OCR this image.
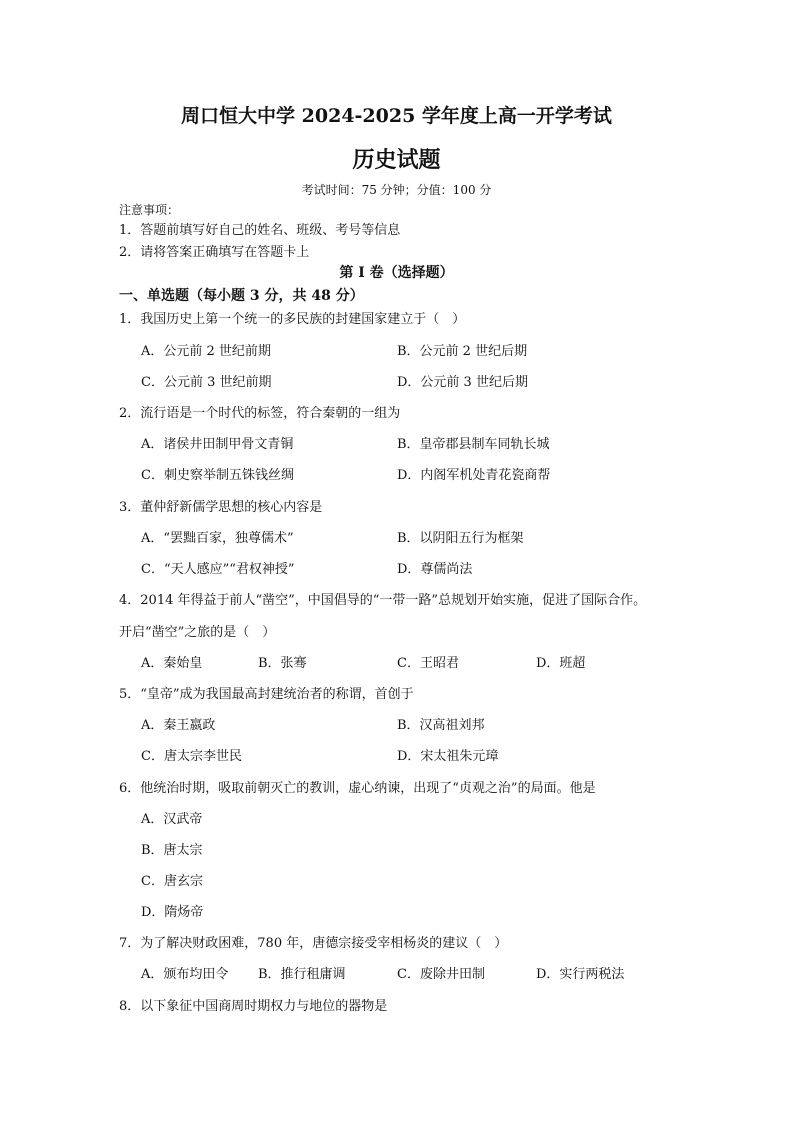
周口恒大中学 2024-2025 学年度上高一开学考试
历史试题
考试时间：75 分钟；分值：100 分
注意事项：
1．答题前填写好自己的姓名、班级、考号等信息
2．请将答案正确填写在答题卡上
第 I 卷（选择题）
一、单选题（每小题 3 分，共 48 分）
1．我国历史上第一个统一的多民族的封建国家建立于（　）
A．公元前 2 世纪前期	B．公元前 2 世纪后期
C．公元前 3 世纪前期	D．公元前 3 世纪后期
2．流行语是一个时代的标签，符合秦朝的一组为
A．诸侯井田制甲骨文青铜	B．皇帝郡县制车同轨长城
C．刺史察举制五铢钱丝绸	D．内阁军机处青花瓷商帮
3．董仲舒新儒学思想的核心内容是
A．“罢黜百家，独尊儒术”	B．以阴阳五行为框架
C．“天人感应”“君权神授”	D．尊儒尚法
4．2014 年得益于前人“凿空”，中国倡导的“一带一路”总规划开始实施，促进了国际合作。
开启“凿空”之旅的是（　）
A．秦始皇	B．张骞	C．王昭君	D．班超
5．“皇帝”成为我国最高封建统治者的称谓，首创于
A．秦王嬴政	B．汉高祖刘邦
C．唐太宗李世民	D．宋太祖朱元璋
6．他统治时期，吸取前朝灭亡的教训，虚心纳谏，出现了“贞观之治”的局面。他是
A．汉武帝
B．唐太宗
C．唐玄宗
D．隋炀帝
7．为了解决财政困难，780 年，唐德宗接受宰相杨炎的建议（　）
A．颁布均田令 B．推行租庸调	C．废除井田制	D．实行两税法
8．以下象征中国商周时期权力与地位的器物是
